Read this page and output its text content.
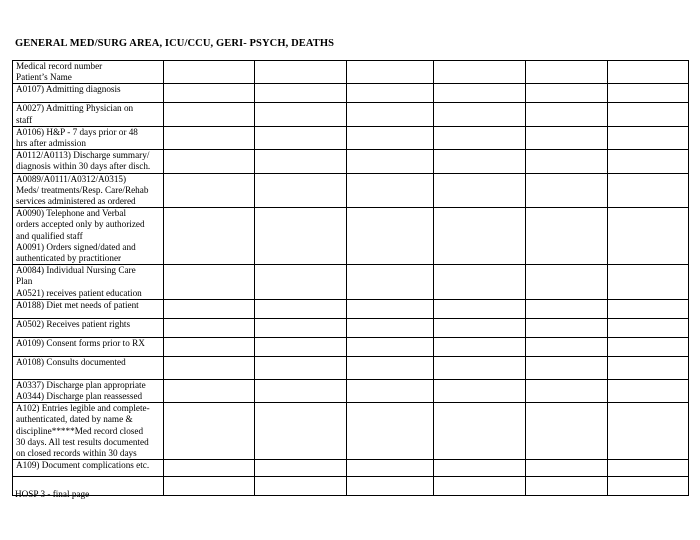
GENERAL MED/SURG AREA, ICU/CCU, GERI- PSYCH, DEATHS
Medical record number
Patient’s Name						

A0107) Admitting diagnosis						

A0027) Admitting Physician on
staff						

A0106) H&P - 7 days prior or 48
hrs after admission						

A0112/A0113) Discharge summary/
diagnosis within 30 days after disch.						

A0089/A0111/A0312/A0315)
Meds/ treatments/Resp. Care/Rehab
services administered as ordered						

A0090) Telephone and Verbal
orders accepted only by authorized
and qualified staff
A0091) Orders signed/dated and
authenticated by practitioner						

A0084) Individual Nursing Care
Plan
A0521) receives patient education						

A0188) Diet met needs of patient						

A0502) Receives patient rights						

A0109) Consent forms prior to RX						

A0108) Consults documented						

A0337) Discharge plan appropriate
A0344) Discharge plan reassessed						

A102) Entries legible and complete-
authenticated, dated by name &
discipline*****Med record closed
30 days. All test results documented
on closed records within 30 days						

A109) Document complications etc.						

HOSP 3 - final page
